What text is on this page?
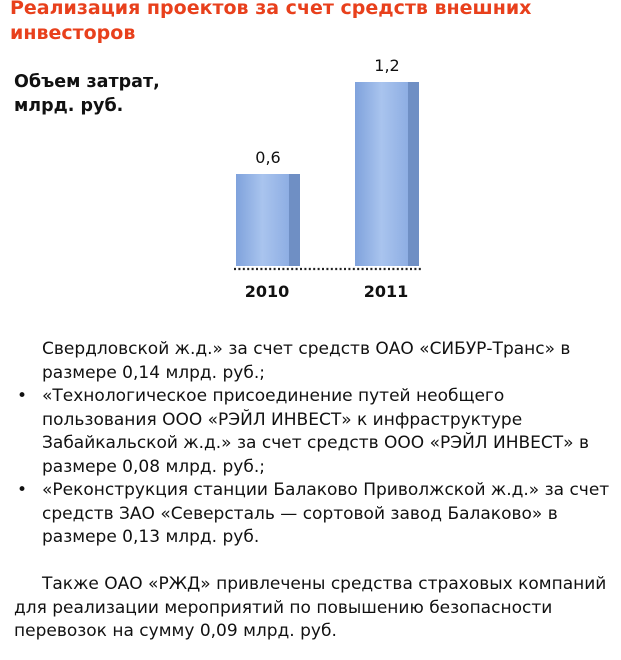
Реализация проектов за счет средств внешних инвесторов
Объем затрат, млрд. руб.
0,6
1,2
2010	2011

Свердловской ж.д.» за счет средств ОАО «СИБУР-Транс» в размере 0,14 млрд. руб.;

• «Технологическое присоединение путей необщего пользования ООО «РЭЙЛ ИНВЕСТ» к инфраструктуре Забайкальской ж.д.» за счет средств ООО «РЭЙЛ ИНВЕСТ» в размере 0,08 млрд. руб.;
• «Реконструкция станции Балаково Приволжской ж.д.» за счет средств ЗАО «Северсталь — сортовой завод Балаково» в размере 0,13 млрд. руб.

Также ОАО «РЖД» привлечены средства страховых компаний для реализации мероприятий по повышению безопасности перевозок на сумму 0,09 млрд. руб.
